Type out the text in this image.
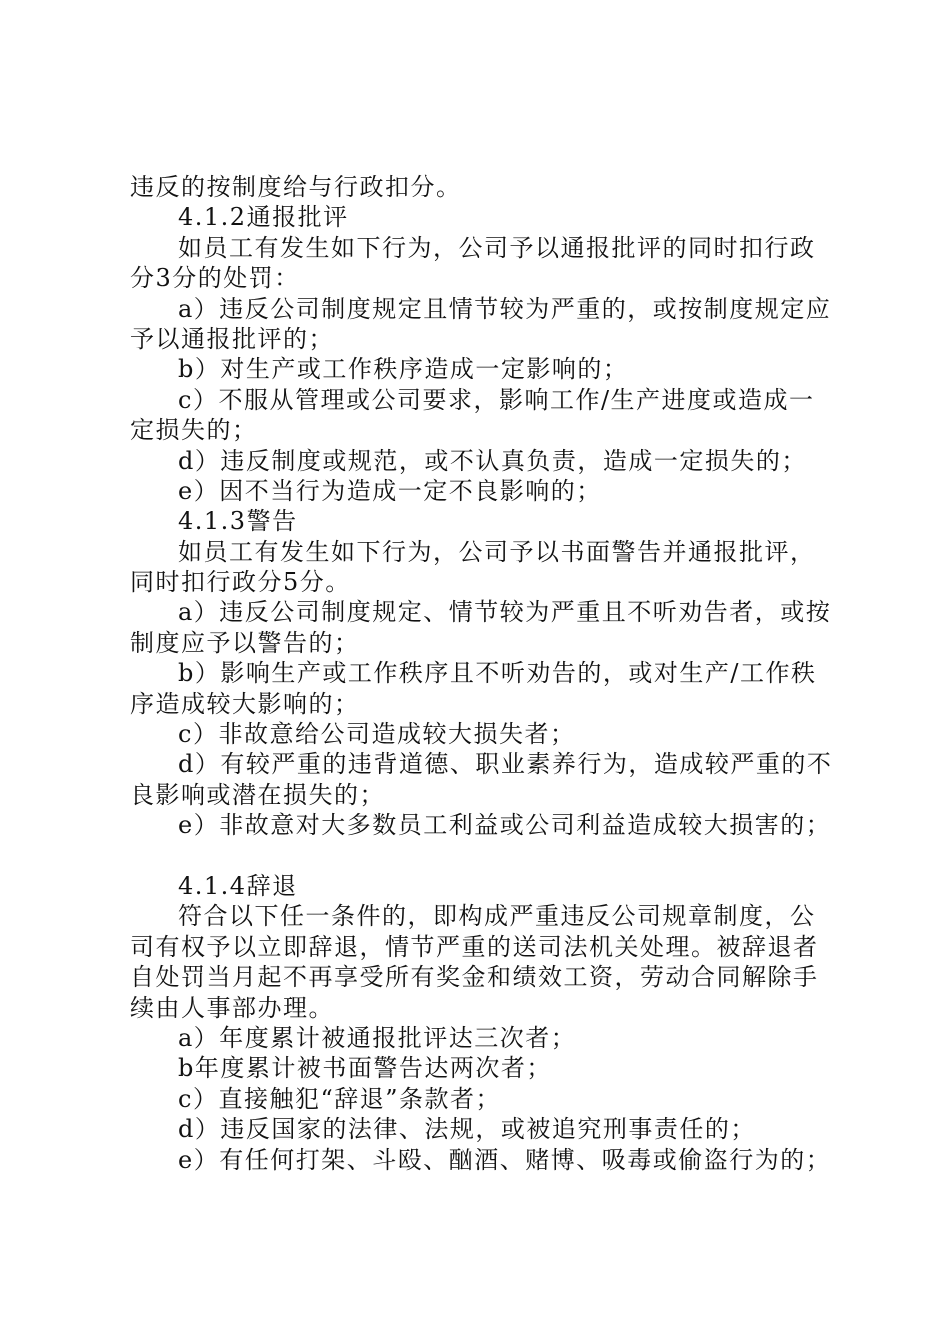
违反的按制度给与行政扣分。
4.1.2通报批评
如员工有发生如下行为，公司予以通报批评的同时扣行政
分3分的处罚：
a）违反公司制度规定且情节较为严重的，或按制度规定应
予以通报批评的；
b）对生产或工作秩序造成一定影响的；
c）不服从管理或公司要求，影响工作/生产进度或造成一
定损失的；
d）违反制度或规范，或不认真负责，造成一定损失的；
e）因不当行为造成一定不良影响的；
4.1.3警告
如员工有发生如下行为，公司予以书面警告并通报批评，
同时扣行政分5分。
a）违反公司制度规定、情节较为严重且不听劝告者，或按
制度应予以警告的；
b）影响生产或工作秩序且不听劝告的，或对生产/工作秩
序造成较大影响的；
c）非故意给公司造成较大损失者；
d）有较严重的违背道德、职业素养行为，造成较严重的不
良影响或潜在损失的；
e）非故意对大多数员工利益或公司利益造成较大损害的；
4.1.4辞退
符合以下任一条件的，即构成严重违反公司规章制度，公
司有权予以立即辞退，情节严重的送司法机关处理。被辞退者
自处罚当月起不再享受所有奖金和绩效工资，劳动合同解除手
续由人事部办理。
a）年度累计被通报批评达三次者；
b年度累计被书面警告达两次者；
c）直接触犯“辞退”条款者；
d）违反国家的法律、法规，或被追究刑事责任的；
e）有任何打架、斗殴、酗酒、赌博、吸毒或偷盗行为的；
